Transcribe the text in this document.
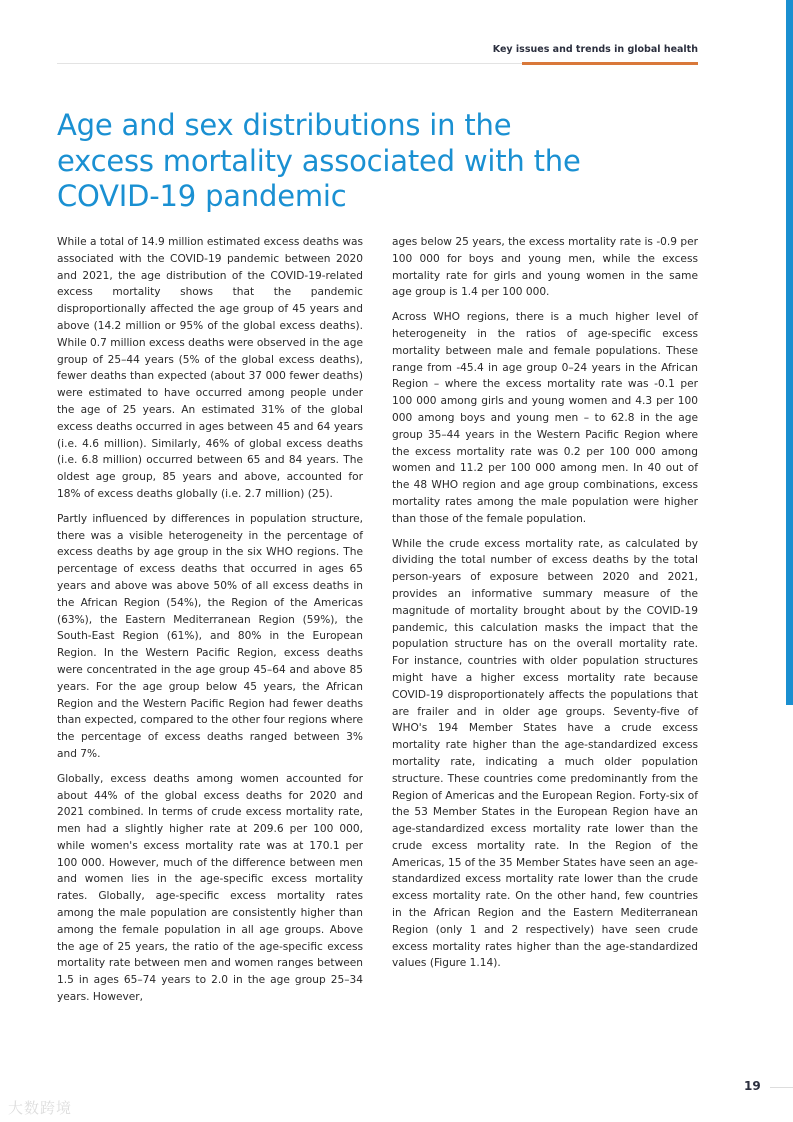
Key issues and trends in global health
Age and sex distributions in the excess mortality associated with the COVID-19 pandemic

While a total of 14.9 million estimated excess deaths was associated with the COVID-19 pandemic between 2020 and 2021, the age distribution of the COVID-19-related excess mortality shows that the pandemic disproportionally affected the age group of 45 years and above (14.2 million or 95% of the global excess deaths). While 0.7 million excess deaths were observed in the age group of 25–44 years (5% of the global excess deaths), fewer deaths than expected (about 37 000 fewer deaths) were estimated to have occurred among people under the age of 25 years. An estimated 31% of the global excess deaths occurred in ages between 45 and 64 years (i.e. 4.6 million). Similarly, 46% of global excess deaths (i.e. 6.8 million) occurred between 65 and 84 years. The oldest age group, 85 years and above, accounted for 18% of excess deaths globally (i.e. 2.7 million) (25).

Partly influenced by differences in population structure, there was a visible heterogeneity in the percentage of excess deaths by age group in the six WHO regions. The percentage of excess deaths that occurred in ages 65 years and above was above 50% of all excess deaths in the African Region (54%), the Region of the Americas (63%), the Eastern Mediterranean Region (59%), the South-East Region (61%), and 80% in the European Region. In the Western Pacific Region, excess deaths were concentrated in the age group 45–64 and above 85 years. For the age group below 45 years, the African Region and the Western Pacific Region had fewer deaths than expected, compared to the other four regions where the percentage of excess deaths ranged between 3% and 7%.

Globally, excess deaths among women accounted for about 44% of the global excess deaths for 2020 and 2021 combined. In terms of crude excess mortality rate, men had a slightly higher rate at 209.6 per 100 000, while women's excess mortality rate was at 170.1 per 100 000. However, much of the difference between men and women lies in the age-specific excess mortality rates. Globally, age-specific excess mortality rates among the male population are consistently higher than among the female population in all age groups. Above the age of 25 years, the ratio of the age-specific excess mortality rate between men and women ranges between 1.5 in ages 65–74 years to 2.0 in the age group 25–34 years. However,

ages below 25 years, the excess mortality rate is -0.9 per 100 000 for boys and young men, while the excess mortality rate for girls and young women in the same age group is 1.4 per 100 000.

Across WHO regions, there is a much higher level of heterogeneity in the ratios of age-specific excess mortality between male and female populations. These range from -45.4 in age group 0–24 years in the African Region – where the excess mortality rate was -0.1 per 100 000 among girls and young women and 4.3 per 100 000 among boys and young men – to 62.8 in the age group 35–44 years in the Western Pacific Region where the excess mortality rate was 0.2 per 100 000 among women and 11.2 per 100 000 among men. In 40 out of the 48 WHO region and age group combinations, excess mortality rates among the male population were higher than those of the female population.

While the crude excess mortality rate, as calculated by dividing the total number of excess deaths by the total person-years of exposure between 2020 and 2021, provides an informative summary measure of the magnitude of mortality brought about by the COVID-19 pandemic, this calculation masks the impact that the population structure has on the overall mortality rate. For instance, countries with older population structures might have a higher excess mortality rate because COVID-19 disproportionately affects the populations that are frailer and in older age groups. Seventy-five of WHO's 194 Member States have a crude excess mortality rate higher than the age-standardized excess mortality rate, indicating a much older population structure. These countries come predominantly from the Region of Americas and the European Region. Forty-six of the 53 Member States in the European Region have an age-standardized excess mortality rate lower than the crude excess mortality rate. In the Region of the Americas, 15 of the 35 Member States have seen an age-standardized excess mortality rate lower than the crude excess mortality rate. On the other hand, few countries in the African Region and the Eastern Mediterranean Region (only 1 and 2 respectively) have seen crude excess mortality rates higher than the age-standardized values (Figure 1.14).

19
大数跨境
